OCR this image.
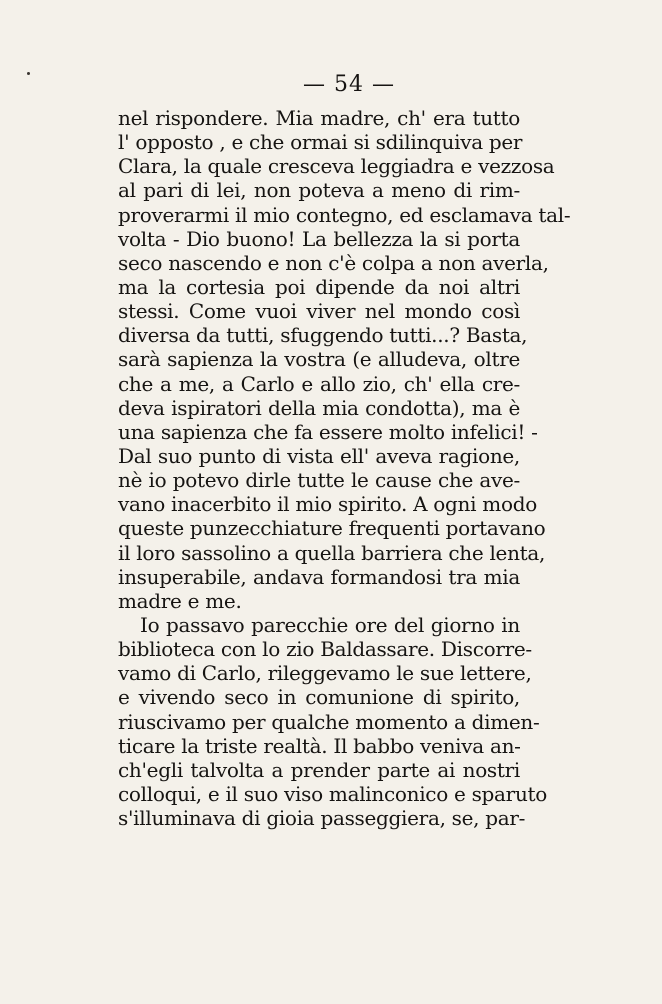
— 54 —
nel rispondere. Mia madre, ch' era tutto
l' opposto , e che ormai si sdilinquiva per
Clara, la quale cresceva leggiadra e vezzosa
al pari di lei, non poteva a meno di rim-
proverarmi il mio contegno, ed esclamava tal-
volta - Dio buono! La bellezza la si porta
seco nascendo e non c'è colpa a non averla,
ma la cortesia poi dipende da noi altri
stessi. Come vuoi viver nel mondo così
diversa da tutti, sfuggendo tutti...? Basta,
sarà sapienza la vostra (e alludeva, oltre
che a me, a Carlo e allo zio, ch' ella cre-
deva ispiratori della mia condotta), ma è
una sapienza che fa essere molto infelici! -
Dal suo punto di vista ell' aveva ragione,
nè io potevo dirle tutte le cause che ave-
vano inacerbito il mio spirito. A ogni modo
queste punzecchiature frequenti portavano
il loro sassolino a quella barriera che lenta,
insuperabile, andava formandosi tra mia
madre e me.
Io passavo parecchie ore del giorno in
biblioteca con lo zio Baldassare. Discorre-
vamo di Carlo, rileggevamo le sue lettere,
e vivendo seco in comunione di spirito,
riuscivamo per qualche momento a dimen-
ticare la triste realtà. Il babbo veniva an-
ch'egli talvolta a prender parte ai nostri
colloqui, e il suo viso malinconico e sparuto
s'illuminava di gioia passeggiera, se, par-
